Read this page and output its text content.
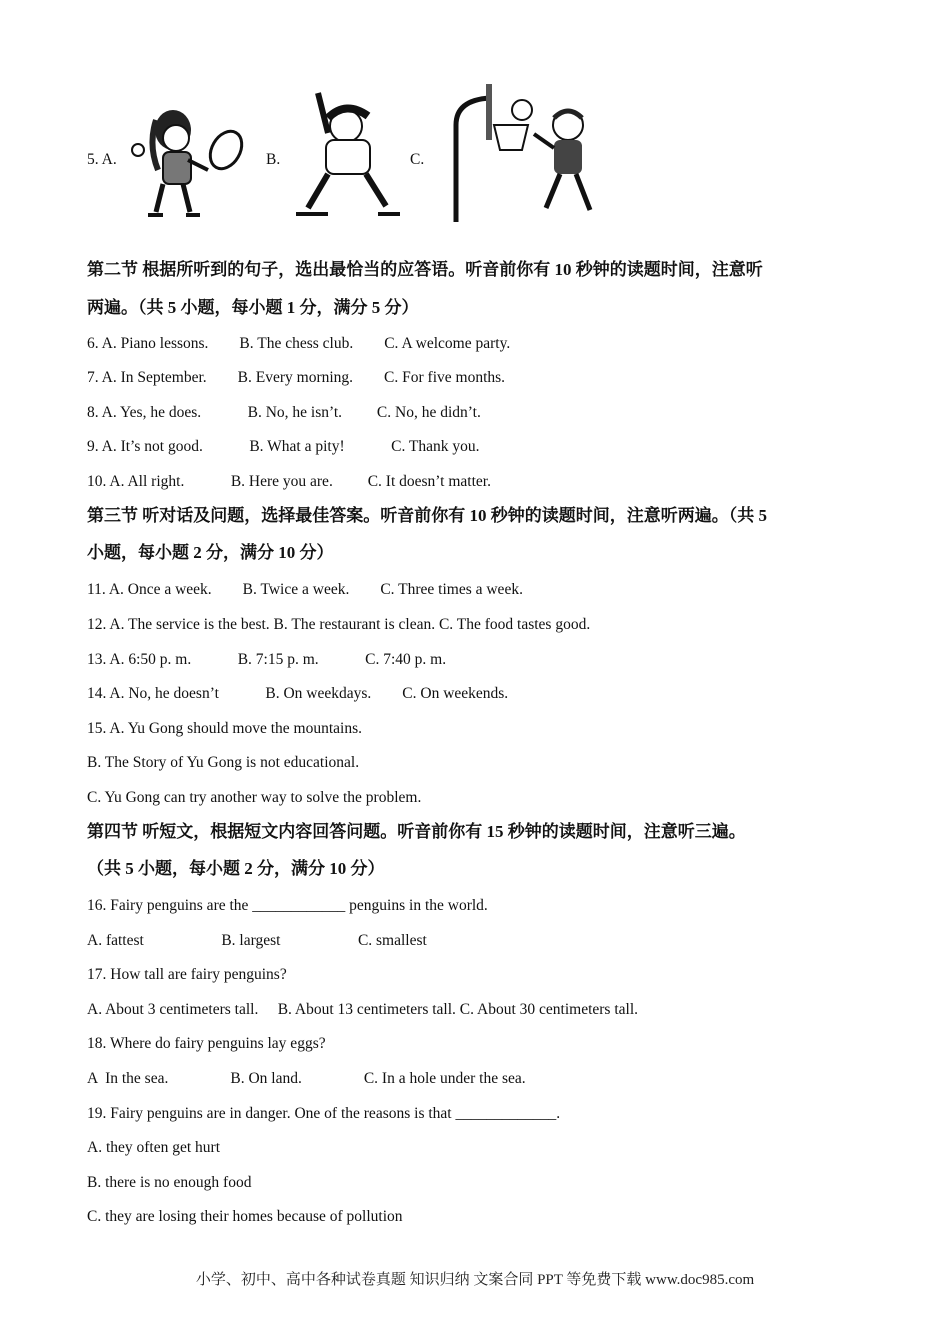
5. A.	B.	C.
第二节 根据所听到的句子，选出最恰当的应答语。听音前你有 10 秒钟的读题时间，注意听
两遍。（共 5 小题，每小题 1 分，满分 5 分）
6. A. Piano lessons.        B. The chess club.        C. A welcome party.
7. A. In September.        B. Every morning.        C. For five months.
8. A. Yes, he does.            B. No, he isn’t.         C. No, he didn’t.
9. A. It’s not good.            B. What a pity!            C. Thank you.
10. A. All right.            B. Here you are.         C. It doesn’t matter.
第三节 听对话及问题，选择最佳答案。听音前你有 10 秒钟的读题时间，注意听两遍。（共 5
小题，每小题 2 分，满分 10 分）
11. A. Once a week.        B. Twice a week.        C. Three times a week.
12. A. The service is the best. B. The restaurant is clean. C. The food tastes good.
13. A. 6:50 p. m.            B. 7:15 p. m.            C. 7:40 p. m.
14. A. No, he doesn’t            B. On weekdays.        C. On weekends.
15. A. Yu Gong should move the mountains.
B. The Story of Yu Gong is not educational.
C. Yu Gong can try another way to solve the problem.
第四节 听短文，根据短文内容回答问题。听音前你有 15 秒钟的读题时间，注意听三遍。
（共 5 小题，每小题 2 分，满分 10 分）
16. Fairy penguins are the ____________ penguins in the world.
A. fattest                    B. largest                    C. smallest
17. How tall are fairy penguins?
A. About 3 centimeters tall.     B. About 13 centimeters tall. C. About 30 centimeters tall.
18. Where do fairy penguins lay eggs?
A  In the sea.                B. On land.                C. In a hole under the sea.
19. Fairy penguins are in danger. One of the reasons is that _____________.
A. they often get hurt
B. there is no enough food
C. they are losing their homes because of pollution
小学、初中、高中各种试卷真题 知识归纳 文案合同 PPT 等免费下载 www.doc985.com
